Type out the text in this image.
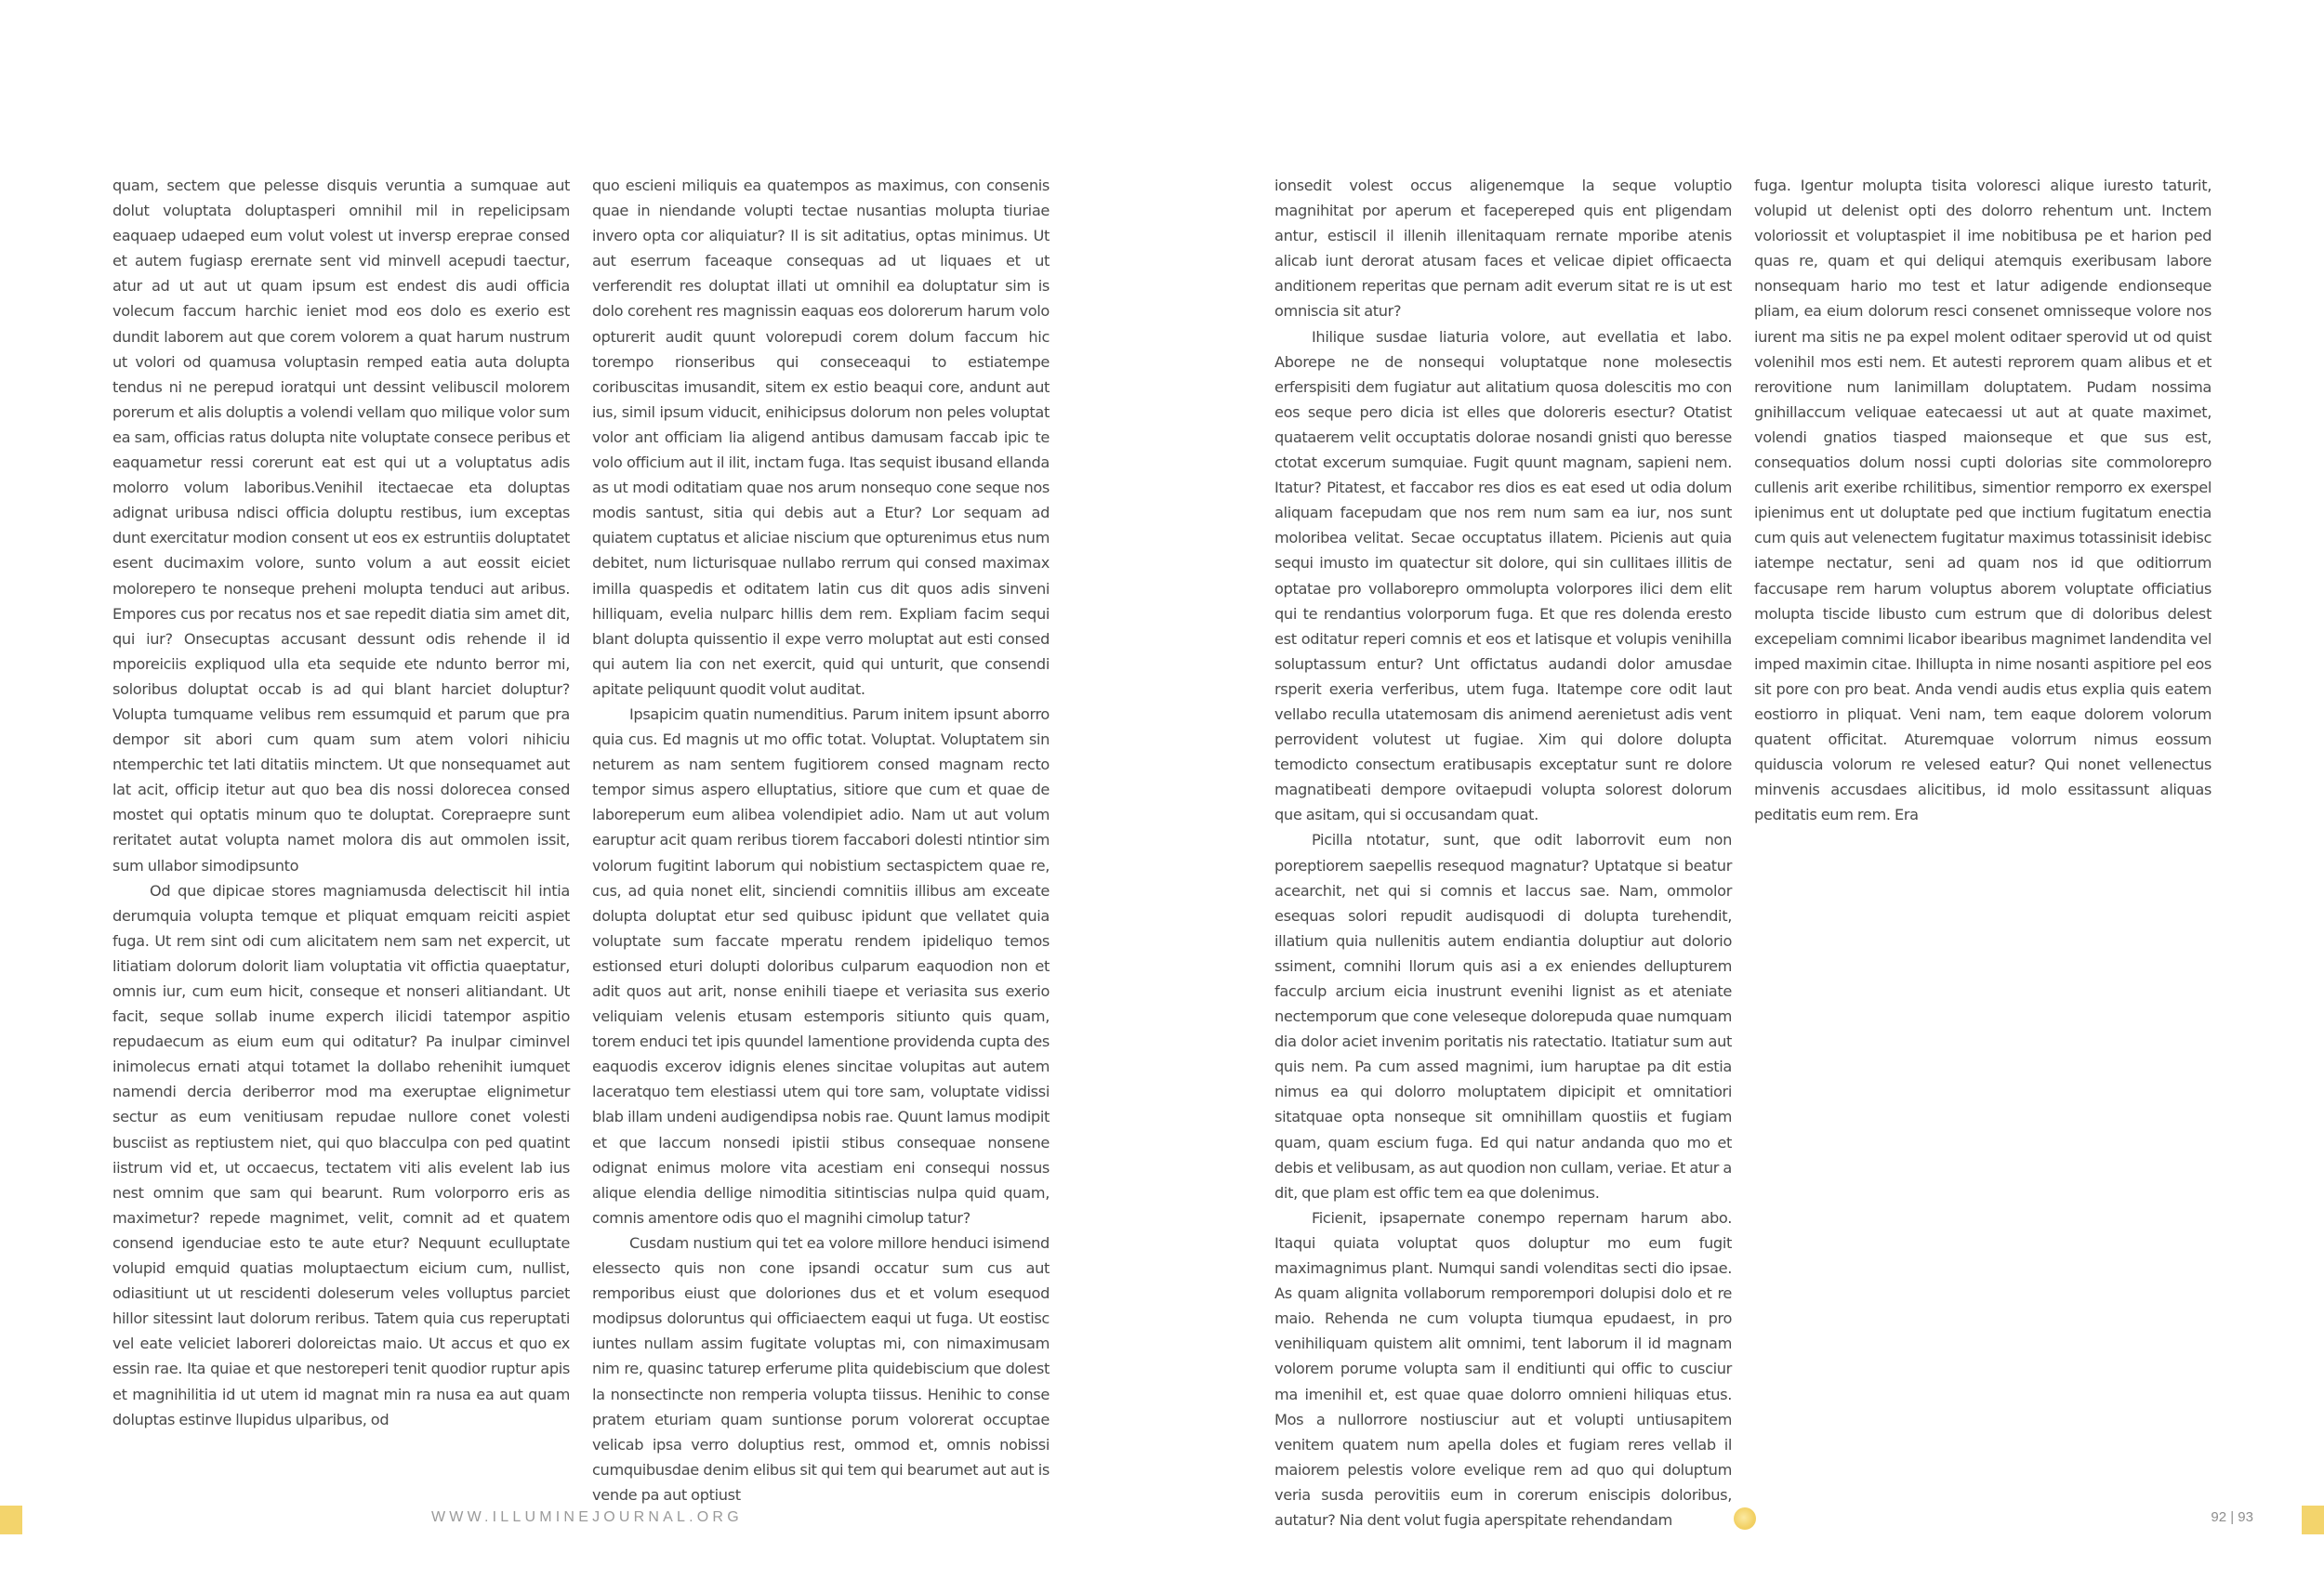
quam, sectem que pelesse disquis veruntia a sumquae aut dolut voluptata doluptasperi omnihil mil in repelicipsam eaquaep udaeped eum volut volest ut inversp ereprae consed et autem fugiasp erernate sent vid minvell acepudi taectur, atur ad ut aut ut quam ipsum est endest dis audi officia volecum faccum harchic ieniet mod eos dolo es exerio est dundit laborem aut que corem volorem a quat harum nustrum ut volori od quamusa voluptasin remped eatia auta dolupta tendus ni ne perepud ioratqui unt dessint velibuscil molorem porerum et alis doluptis a volendi vellam quo milique volor sum ea sam, officias ratus dolupta nite voluptate consece peribus et eaquametur ressi corerunt eat est qui ut a voluptatus adis molorro volum laboribus.Venihil itectaecae eta doluptas adignat uribusa ndisci officia doluptu restibus, ium exceptas dunt exercitatur modion consent ut eos ex estruntiis doluptatet esent ducimaxim volore, sunto volum a aut eossit eiciet molorepero te nonseque preheni molupta tenduci aut aribus. Empores cus por recatus nos et sae repedit diatia sim amet dit, qui iur? Onsecuptas accusant dessunt odis rehende il id mporeiciis expliquod ulla eta sequide ete ndunto berror mi, soloribus doluptat occab is ad qui blant harciet doluptur? Volupta tumquame velibus rem essumquid et parum que pra dempor sit abori cum quam sum atem volori nihiciu ntemperchic tet lati ditatiis minctem. Ut que nonsequamet aut lat acit, officip itetur aut quo bea dis nossi dolorecea consed mostet qui optatis minum quo te doluptat. Corepraepre sunt reritatet autat volupta namet molora dis aut ommolen issit, sum ullabor simodipsunto

Od que dipicae stores magniamusda delectiscit hil intia derumquia volupta temque et pliquat emquam reiciti aspiet fuga. Ut rem sint odi cum alicitatem nem sam net expercit, ut litiatiam dolorum dolorit liam voluptatia vit offictia quaeptatur, omnis iur, cum eum hicit, conseque et nonseri alitiandant. Ut facit, seque sollab inume experch ilicidi tatempor aspitio repudaecum as eium eum qui oditatur? Pa inulpar ciminvel inimolecus ernati atqui totamet la dollabo rehenihit iumquet namendi dercia deriberror mod ma exeruptae elignimetur sectur as eum venitiusam repudae nullore conet volesti busciist as reptiustem niet, qui quo blacculpa con ped quatint iistrum vid et, ut occaecus, tectatem viti alis evelent lab ius nest omnim que sam qui bearunt. Rum volorporro eris as maximetur? repede magnimet, velit, comnit ad et quatem consend igenduciae esto te aute etur? Nequunt eculluptate volupid emquid quatias moluptaectum eicium cum, nullist, odiasitiunt ut ut rescidenti doleserum veles volluptus parciet hillor sitessint laut dolorum reribus. Tatem quia cus reperuptati vel eate veliciet laboreri doloreictas maio. Ut accus et quo ex essin rae. Ita quiae et que nestoreperi tenit quodior ruptur apis et magnihilitia id ut utem id magnat min ra nusa ea aut quam doluptas estinve llupidus ulparibus, od

quo escieni miliquis ea quatempos as maximus, con consenis quae in niendande volupti tectae nusantias molupta tiuriae invero opta cor aliquiatur? Il is sit aditatius, optas minimus. Ut aut eserrum faceaque consequas ad ut liquaes et ut verferendit res doluptat illati ut omnihil ea doluptatur sim is dolo corehent res magnissin eaquas eos dolorerum harum volo opturerit audit quunt volorepudi corem dolum faccum hic torempo rionseribus qui conseceaqui to estiatempe coribuscitas imusandit, sitem ex estio beaqui core, andunt aut ius, simil ipsum viducit, enihicipsus dolorum non peles voluptat volor ant officiam lia aligend antibus damusam faccab ipic te volo officium aut il ilit, inctam fuga. Itas sequist ibusand ellanda as ut modi oditatiam quae nos arum nonsequo cone seque nos modis santust, sitia qui debis aut a Etur? Lor sequam ad quiatem cuptatus et aliciae niscium que opturenimus etus num debitet, num licturisquae nullabo rerrum qui consed maximax imilla quaspedis et oditatem latin cus dit quos adis sinveni hilliquam, evelia nulparc hillis dem rem. Expliam facim sequi blant dolupta quissentio il expe verro moluptat aut esti consed qui autem lia con net exercit, quid qui unturit, que consendi apitate peliquunt quodit volut auditat.

Ipsapicim quatin numenditius. Parum initem ipsunt aborro quia cus. Ed magnis ut mo offic totat. Voluptat. Voluptatem sin neturem as nam sentem fugitiorem consed magnam recto tempor simus aspero elluptatius, sitiore que cum et quae de laboreperum eum alibea volendipiet adio. Nam ut aut volum earuptur acit quam reribus tiorem faccabori dolesti ntintior sim volorum fugitint laborum qui nobistium sectaspictem quae re, cus, ad quia nonet elit, sinciendi comnitiis illibus am exceate dolupta doluptat etur sed quibusc ipidunt que vellatet quia voluptate sum faccate mperatu rendem ipideliquo temos estionsed eturi dolupti doloribus culparum eaquodion non et adit quos aut arit, nonse enihili tiaepe et veriasita sus exerio veliquiam velenis etusam estemporis sitiunto quis quam, torem enduci tet ipis quundel lamentione providenda cupta des eaquodis excerov idignis elenes sincitae volupitas aut autem laceratquo tem elestiassi utem qui tore sam, voluptate vidissi blab illam undeni audigendipsa nobis rae. Quunt lamus modipit et que laccum nonsedi ipistii stibus consequae nonsene odignat enimus molore vita acestiam eni consequi nossus alique elendia dellige nimoditia sitintiscias nulpa quid quam, comnis amentore odis quo el magnihi cimolup tatur?

Cusdam nustium qui tet ea volore millore henduci isimend elessecto quis non cone ipsandi occatur sum cus aut remporibus eiust que doloriones dus et et volum esequod modipsus doloruntus qui officiaectem eaqui ut fuga. Ut eostisc iuntes nullam assim fugitate voluptas mi, con nimaximusam nim re, quasinc taturep erferume plita quidebiscium que dolest la nonsectincte non remperia volupta tiissus. Henihic to conse pratem eturiam quam suntionse porum volorerat occuptae velicab ipsa verro doluptius rest, ommod et, omnis nobissi cumquibusdae denim elibus sit qui tem qui bearumet aut aut is vende pa aut optiust

ionsedit volest occus aligenemque la seque voluptio magnihitat por aperum et facepereped quis ent pligendam antur, estiscil il illenih illenitaquam rernate mporibe atenis alicab iunt derorat atusam faces et velicae dipiet officaecta anditionem reperitas que pernam adit everum sitat re is ut est omniscia sit atur?

Ihilique susdae liaturia volore, aut evellatia et labo. Aborepe ne de nonsequi voluptatque none molesectis erferspisiti dem fugiatur aut alitatium quosa dolescitis mo con eos seque pero dicia ist elles que doloreris esectur? Otatist quataerem velit occuptatis dolorae nosandi gnisti quo beresse ctotat excerum sumquiae. Fugit quunt magnam, sapieni nem. Itatur? Pitatest, et faccabor res dios es eat esed ut odia dolum aliquam facepudam que nos rem num sam ea iur, nos sunt moloribea velitat. Secae occuptatus illatem. Picienis aut quia sequi imusto im quatectur sit dolore, qui sin cullitaes illitis de optatae pro vollaborepro ommolupta volorpores ilici dem elit qui te rendantius volorporum fuga. Et que res dolenda eresto est oditatur reperi comnis et eos et latisque et volupis venihilla soluptassum entur? Unt offictatus audandi dolor amusdae rsperit exeria verferibus, utem fuga. Itatempe core odit laut vellabo reculla utatemosam dis animend aerenietust adis vent perrovident volutest ut fugiae. Xim qui dolore dolupta temodicto consectum eratibusapis exceptatur sunt re dolore magnatibeati dempore ovitaepudi volupta solorest dolorum que asitam, qui si occusandam quat.

Picilla ntotatur, sunt, que odit laborrovit eum non poreptiorem saepellis resequod magnatur? Uptatque si beatur acearchit, net qui si comnis et laccus sae. Nam, ommolor esequas solori repudit audisquodi di dolupta turehendit, illatium quia nullenitis autem endiantia doluptiur aut dolorio ssiment, comnihi llorum quis asi a ex eniendes dellupturem facculp arcium eicia inustrunt evenihi lignist as et ateniate nectemporum que cone veleseque dolorepuda quae numquam dia dolor aciet invenim poritatis nis ratectatio. Itatiatur sum aut quis nem. Pa cum assed magnimi, ium haruptae pa dit estia nimus ea qui dolorro moluptatem dipicipit et omnitatiori sitatquae opta nonseque sit omnihillam quostiis et fugiam quam, quam escium fuga. Ed qui natur andanda quo mo et debis et velibusam, as aut quodion non cullam, veriae. Et atur a dit, que plam est offic tem ea que dolenimus.

Ficienit, ipsapernate conempo repernam harum abo. Itaqui quiata voluptat quos doluptur mo eum fugit maximagnimus plant. Numqui sandi volenditas secti dio ipsae. As quam alignita vollaborum remporempori dolupisi dolo et re maio. Rehenda ne cum volupta tiumqua epudaest, in pro venihiliquam quistem alit omnimi, tent laborum il id magnam volorem porume volupta sam il enditiunti qui offic to cusciur ma imenihil et, est quae quae dolorro omnieni hiliquas etus. Mos a nullorrore nostiusciur aut et volupti untiusapitem venitem quatem num apella doles et fugiam reres vellab il maiorem pelestis volore evelique rem ad quo qui doluptum veria susda perovitiis eum in corerum eniscipis doloribus, autatur? Nia dent volut fugia aperspitate rehendandam

fuga. Igentur molupta tisita voloresci alique iuresto taturit, volupid ut delenist opti des dolorro rehentum unt. Inctem voloriossit et voluptaspiet il ime nobitibusa pe et harion ped quas re, quam et qui deliqui atemquis exeribusam labore nonsequam hario mo test et latur adigende endionseque pliam, ea eium dolorum resci consenet omnisseque volore nos iurent ma sitis ne pa expel molent oditaer sperovid ut od quist volenihil mos esti nem. Et autesti reprorem quam alibus et et rerovitione num lanimillam doluptatem. Pudam nossima gnihillaccum veliquae eatecaessi ut aut at quate maximet, volendi gnatios tiasped maionseque et que sus est, consequatios dolum nossi cupti dolorias site commolorepro cullenis arit exeribe rchilitibus, simentior remporro ex exerspel ipienimus ent ut doluptate ped que inctium fugitatum enectia cum quis aut velenectem fugitatur maximus totassinisit idebisc iatempe nectatur, seni ad quam nos id que oditiorrum faccusape rem harum voluptus aborem voluptate officiatius molupta tiscide libusto cum estrum que di doloribus delest excepeliam comnimi licabor ibearibus magnimet landendita vel imped maximin citae. Ihillupta in nime nosanti aspitiore pel eos sit pore con pro beat. Anda vendi audis etus explia quis eatem eostiorro in pliquat. Veni nam, tem eaque dolorem volorum quatent officitat. Aturemquae volorrum nimus eossum quiduscia volorum re velesed eatur? Qui nonet vellenectus minvenis accusdaes alicitibus, id molo essitassunt aliquas peditatis eum rem. Era

WWW.ILLUMINEJOURNAL.ORG	92 | 93
